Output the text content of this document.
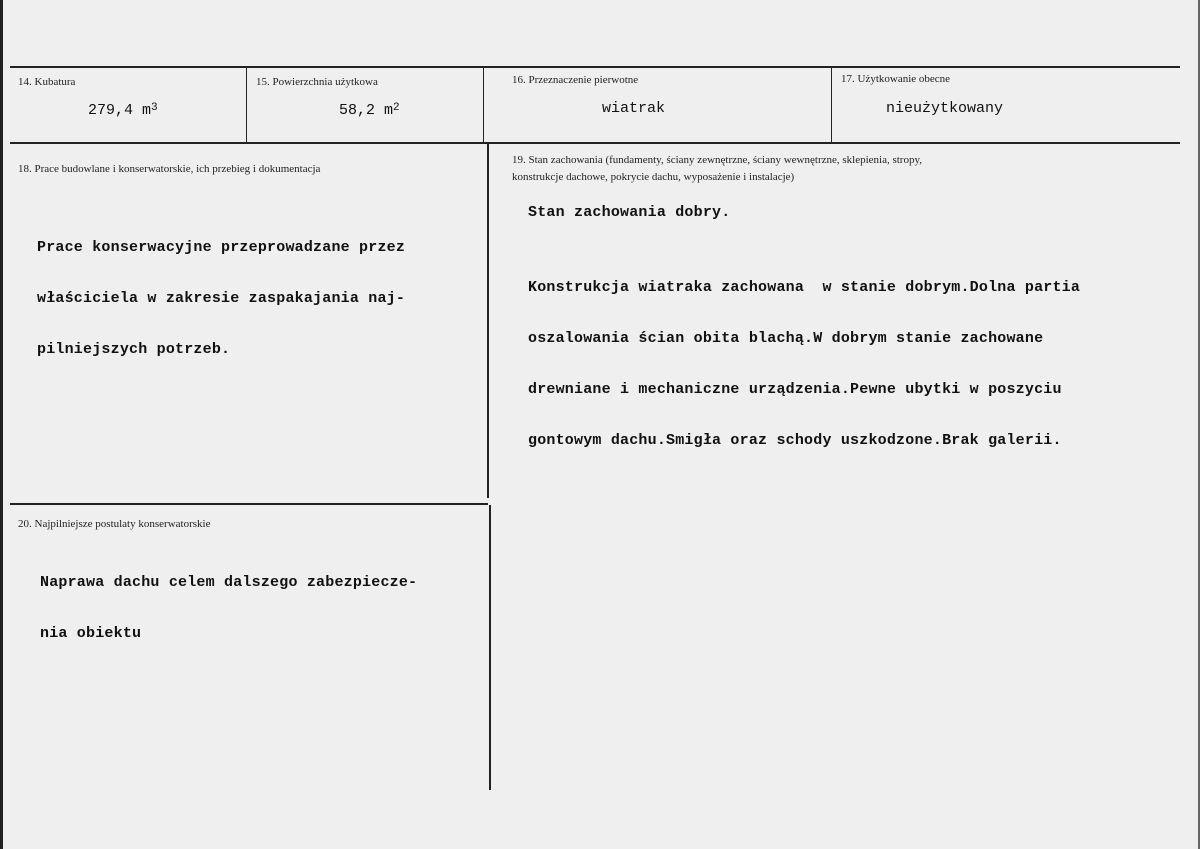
14. Kubatura
279,4 $m^3$
15. Powierzchnia użytkowa
58,2 $m^2$
16. Przeznaczenie pierwotne
wiatrak
17. Użytkowanie obecne
nieużytkowany
18. Prace budowlane i konserwatorskie, ich przebieg i dokumentacja

Prace konserwacyjne przeprowadzane przez

właściciela w zakresie zaspakajania naj-

pilniejszych potrzeb.

19. Stan zachowania (fundamenty, ściany zewnętrzne, ściany wewnętrzne, sklepienia, stropy,
konstrukcje dachowe, pokrycie dachu, wyposażenie i instalacje)
Stan zachowania dobry.

Konstrukcja wiatraka zachowana  w stanie dobrym.Dolna partia

oszalowania ścian obita blachą.W dobrym stanie zachowane

drewniane i mechaniczne urządzenia.Pewne ubytki w poszyciu

gontowym dachu.Smigła oraz schody uszkodzone.Brak galerii.

20. Najpilniejsze postulaty konserwatorskie

Naprawa dachu celem dalszego zabezpiecze-

nia obiektu
